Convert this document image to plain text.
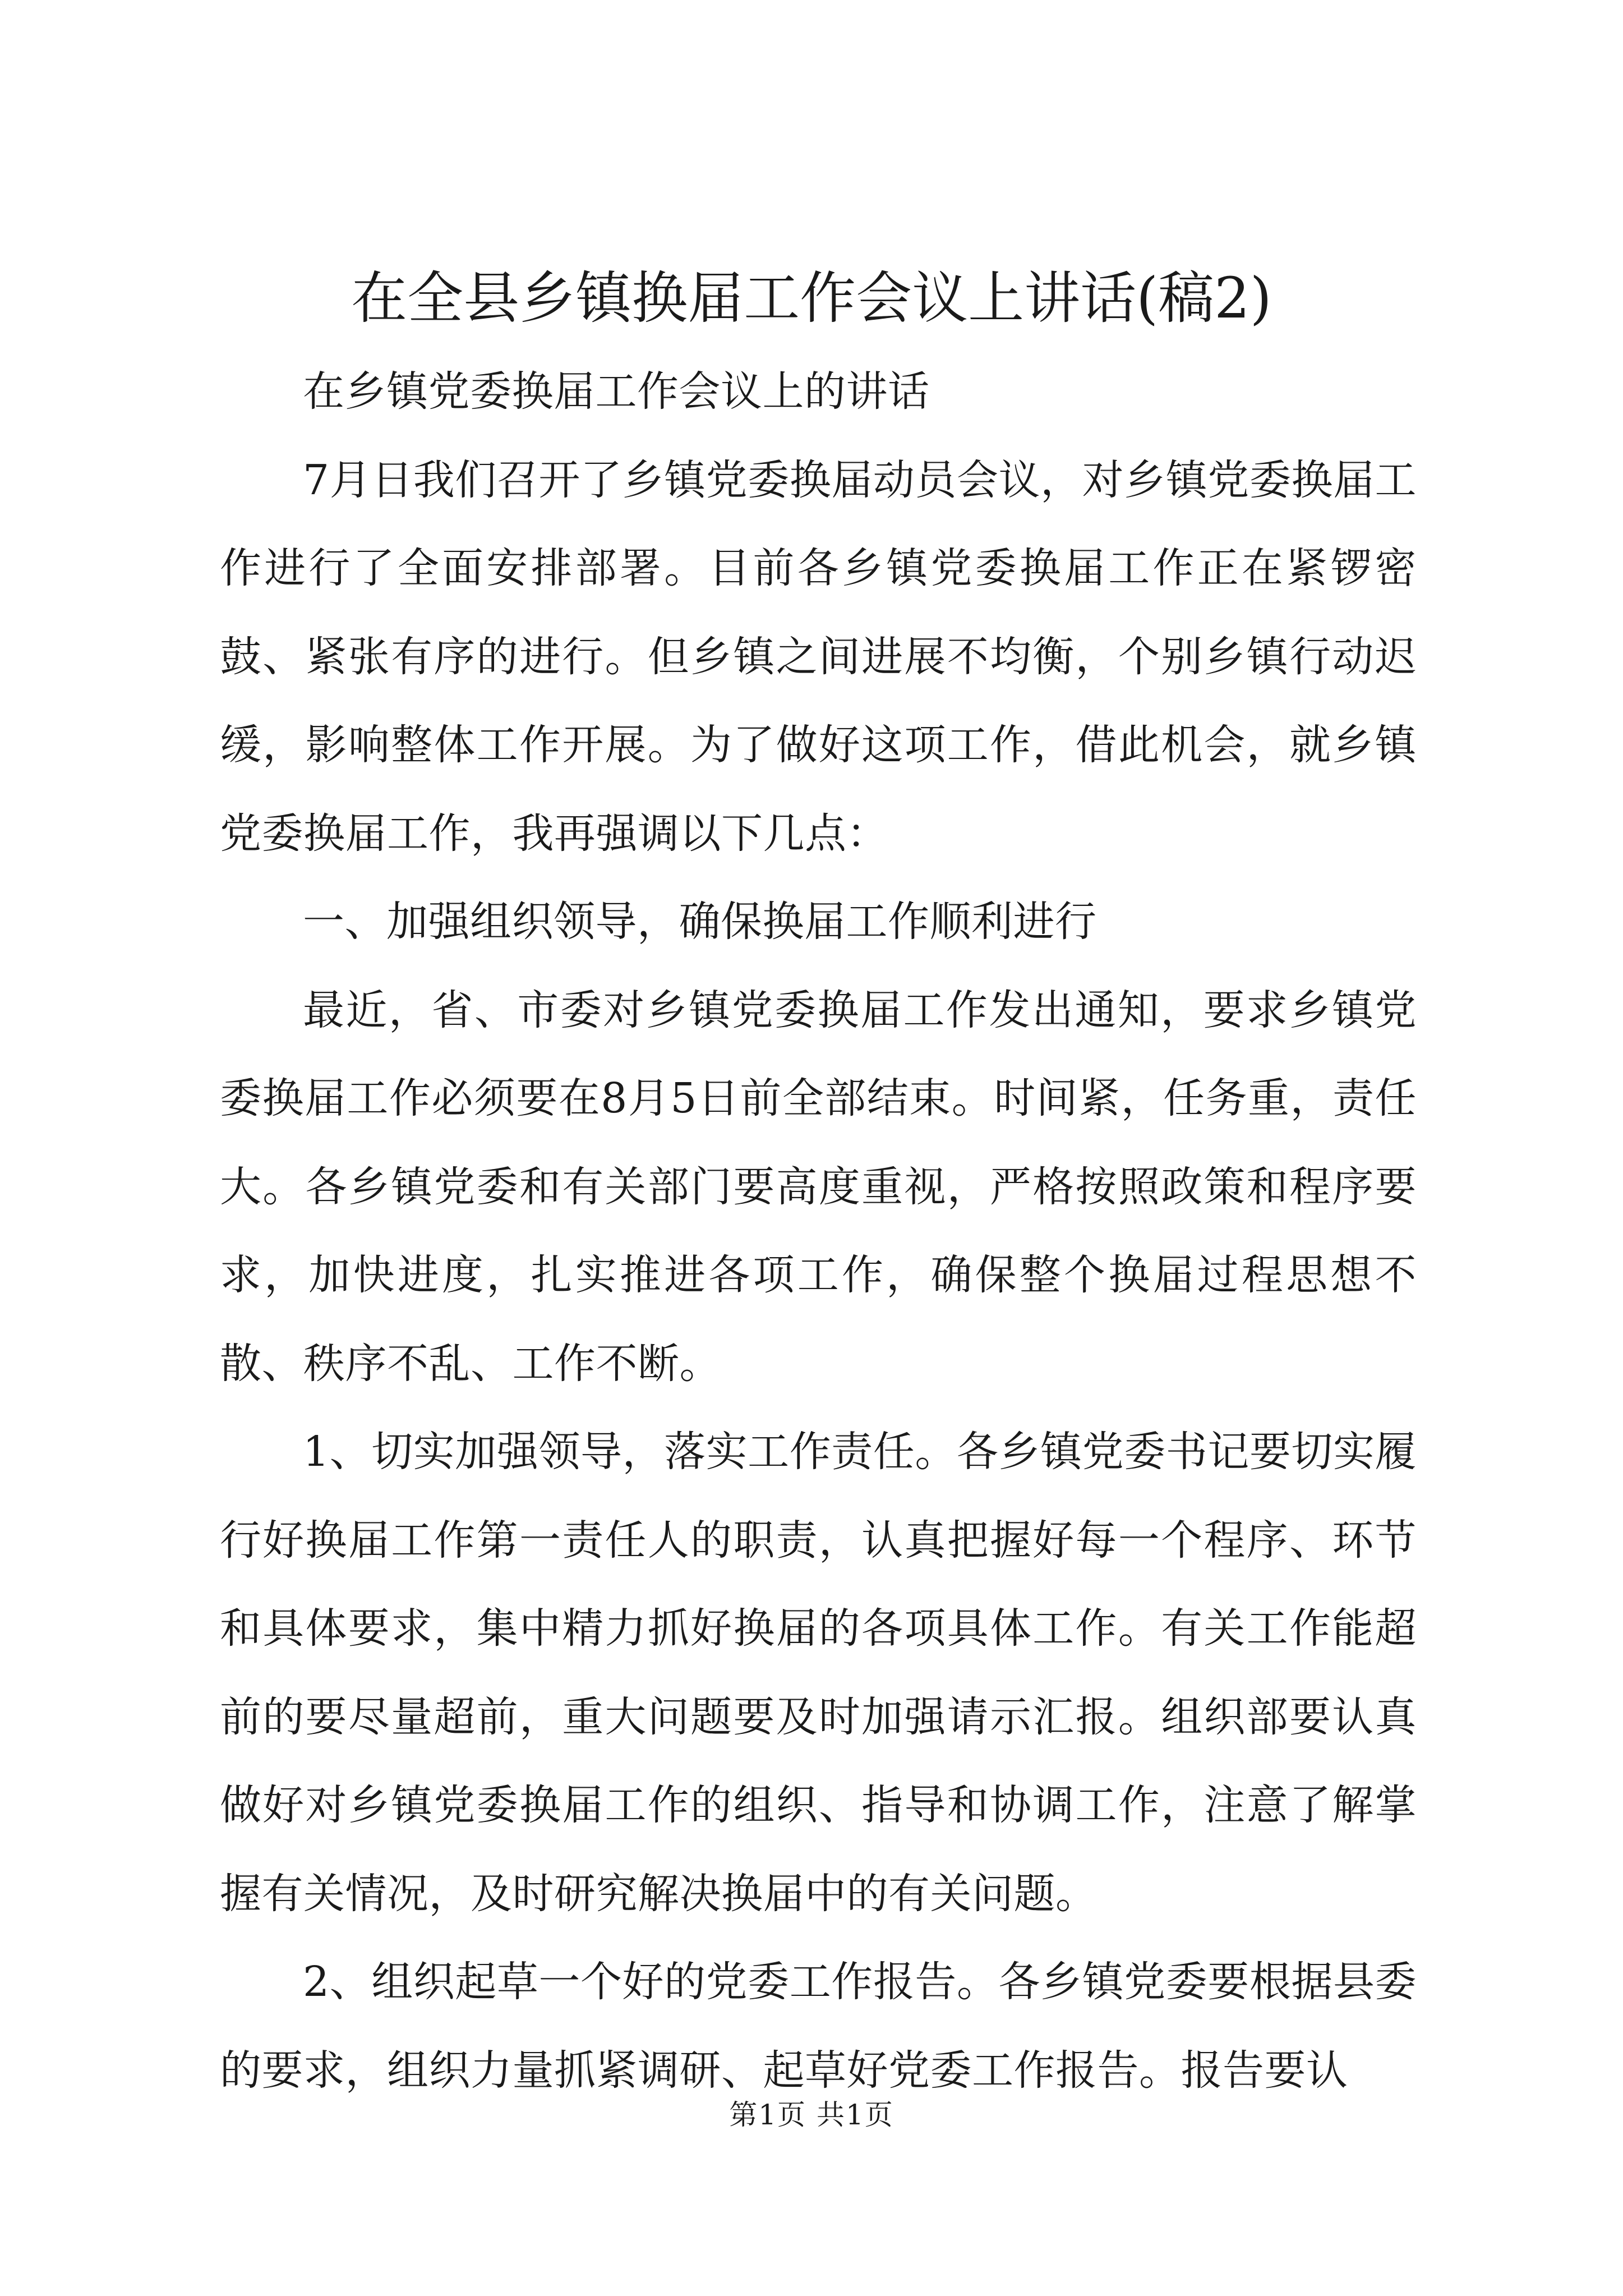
在全县乡镇换届工作会议上讲话(稿2)

在乡镇党委换届工作会议上的讲话

7月日我们召开了乡镇党委换届动员会议，对乡镇党委换届工作进行了全面安排部署。目前各乡镇党委换届工作正在紧锣密鼓、紧张有序的进行。但乡镇之间进展不均衡，个别乡镇行动迟缓，影响整体工作开展。为了做好这项工作，借此机会，就乡镇党委换届工作，我再强调以下几点：

一、加强组织领导，确保换届工作顺利进行

最近，省、市委对乡镇党委换届工作发出通知，要求乡镇党委换届工作必须要在8月5日前全部结束。时间紧，任务重，责任大。各乡镇党委和有关部门要高度重视，严格按照政策和程序要求，加快进度，扎实推进各项工作，确保整个换届过程思想不散、秩序不乱、工作不断。

1、切实加强领导，落实工作责任。各乡镇党委书记要切实履行好换届工作第一责任人的职责，认真把握好每一个程序、环节和具体要求，集中精力抓好换届的各项具体工作。有关工作能超前的要尽量超前，重大问题要及时加强请示汇报。组织部要认真做好对乡镇党委换届工作的组织、指导和协调工作，注意了解掌握有关情况，及时研究解决换届中的有关问题。

2、组织起草一个好的党委工作报告。各乡镇党委要根据县委的要求，组织力量抓紧调研、起草好党委工作报告。报告要认

第1页 共1页
